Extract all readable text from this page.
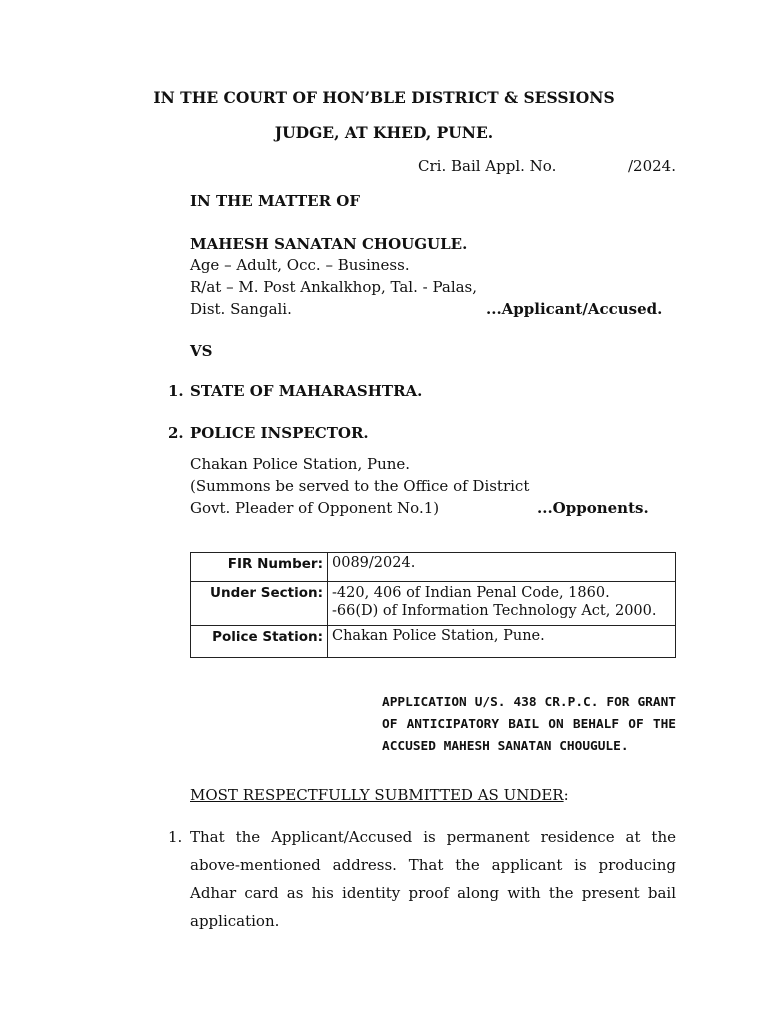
IN THE COURT OF HON’BLE DISTRICT & SESSIONS
JUDGE, AT KHED, PUNE.
Cri. Bail Appl. No.	/2024.
IN THE MATTER OF
MAHESH SANATAN CHOUGULE.
Age – Adult, Occ. – Business.
R/at – M. Post Ankalkhop, Tal. - Palas,
Dist. Sangali.	...Applicant/Accused.
VS
1. STATE OF MAHARASHTRA.
2. POLICE INSPECTOR.
Chakan Police Station, Pune.
(Summons be served to the Office of District
Govt. Pleader of Opponent No.1)	...Opponents.
FIR Number:	0089/2024.
Under Section:	-420, 406 of Indian Penal Code, 1860.
-66(D) of Information Technology Act, 2000.

Police Station:	Chakan Police Station, Pune.
APPLICATION U/S. 438 CR.P.C. FOR GRANT OF ANTICIPATORY BAIL ON BEHALF OF THE ACCUSED MAHESH SANATAN CHOUGULE.
MOST RESPECTFULLY SUBMITTED AS UNDER:
1. That the Applicant/Accused is permanent residence at the above-mentioned address. That the applicant is producing Adhar card as his identity proof along with the present bail application.
